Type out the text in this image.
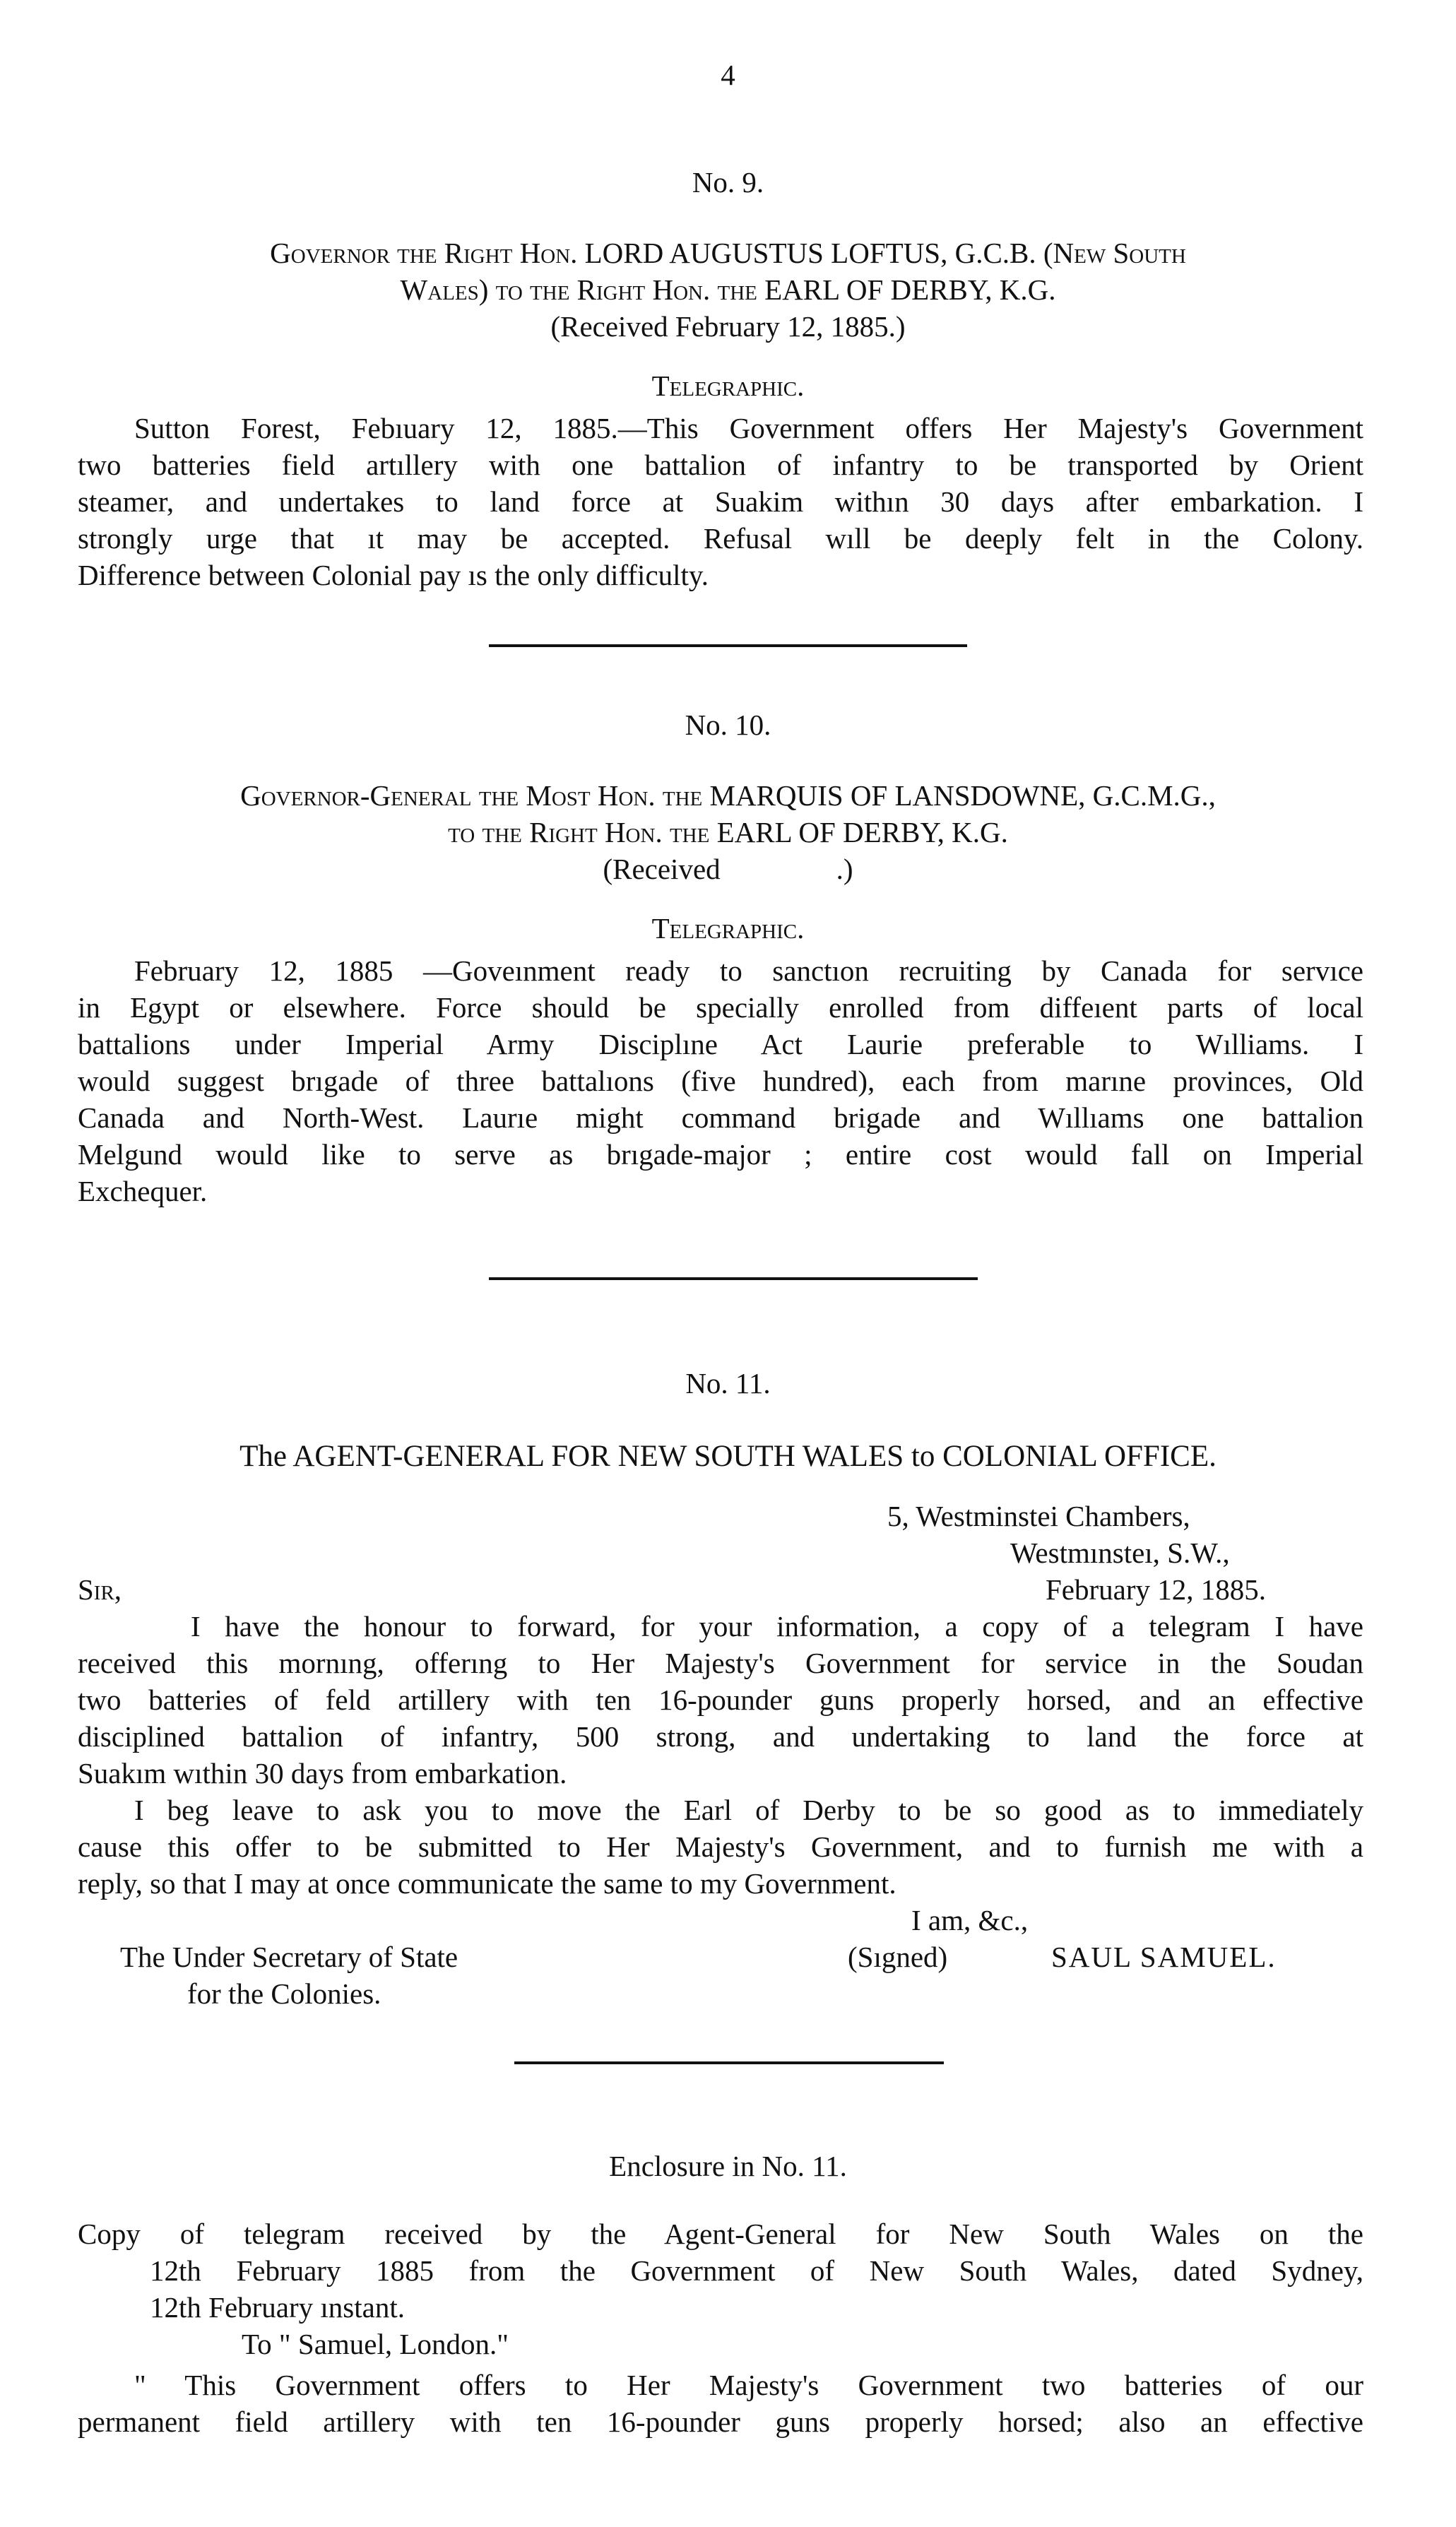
4
No. 9.
Governor the Right Hon. LORD AUGUSTUS LOFTUS, G.C.B. (New South
Wales) to the Right Hon. the EARL OF DERBY, K.G.
(Received February 12, 1885.)
Telegraphic.
Sutton Forest, Febıuary 12, 1885.—This Government offers Her Majesty's Government
two batteries field artıllery with one battalion of infantry to be transported by Orient
steamer, and undertakes to land force at Suakim withın 30 days after embarkation. I
strongly urge that ıt may be accepted. Refusal wıll be deeply felt in the Colony.
Difference between Colonial pay ıs the only difficulty.
No. 10.
Governor-General the Most Hon. the MARQUIS OF LANSDOWNE, G.C.M.G.,
to the Right Hon. the EARL OF DERBY, K.G.
(Received                .)
Telegraphic.
February 12, 1885 —Goveınment ready to sanctıon recruiting by Canada for servıce
in Egypt or elsewhere. Force should be specially enrolled from diffeıent parts of local
battalions under Imperial Army Disciplıne Act Laurie preferable to Wılliams. I
would suggest brıgade of three battalıons (five hundred), each from marıne provinces, Old
Canada and North-West. Laurıe might command brigade and Wıllıams one battalion
Melgund would like to serve as brıgade-major ; entire cost would fall on Imperial
Exchequer.
No. 11.
The AGENT-GENERAL FOR NEW SOUTH WALES to COLONIAL OFFICE.
5, Westminstei Chambers,
Westmınsteı, S.W.,
Sir,	February 12, 1885.
I have the honour to forward, for your information, a copy of a telegram I have
received this mornıng, offerıng to Her Majesty's Government for service in the Soudan
two batteries of feld artillery with ten 16-pounder guns properly horsed, and an effective
disciplined battalion of infantry, 500 strong, and undertaking to land the force at
Suakım wıthin 30 days from embarkation.
I beg leave to ask you to move the Earl of Derby to be so good as to immediately
cause this offer to be submitted to Her Majesty's Government, and to furnish me with a
reply, so that I may at once communicate the same to my Government.
I am, &c.,
The Under Secretary of State	(Sıgned)	SAUL SAMUEL.
for the Colonies.
Enclosure in No. 11.
Copy of telegram received by the Agent-General for New South Wales on the
12th February 1885 from the Government of New South Wales, dated Sydney,
12th February ınstant.
To " Samuel, London."
" This Government offers to Her Majesty's Government two batteries of our
permanent field artillery with ten 16-pounder guns properly horsed; also an effective
